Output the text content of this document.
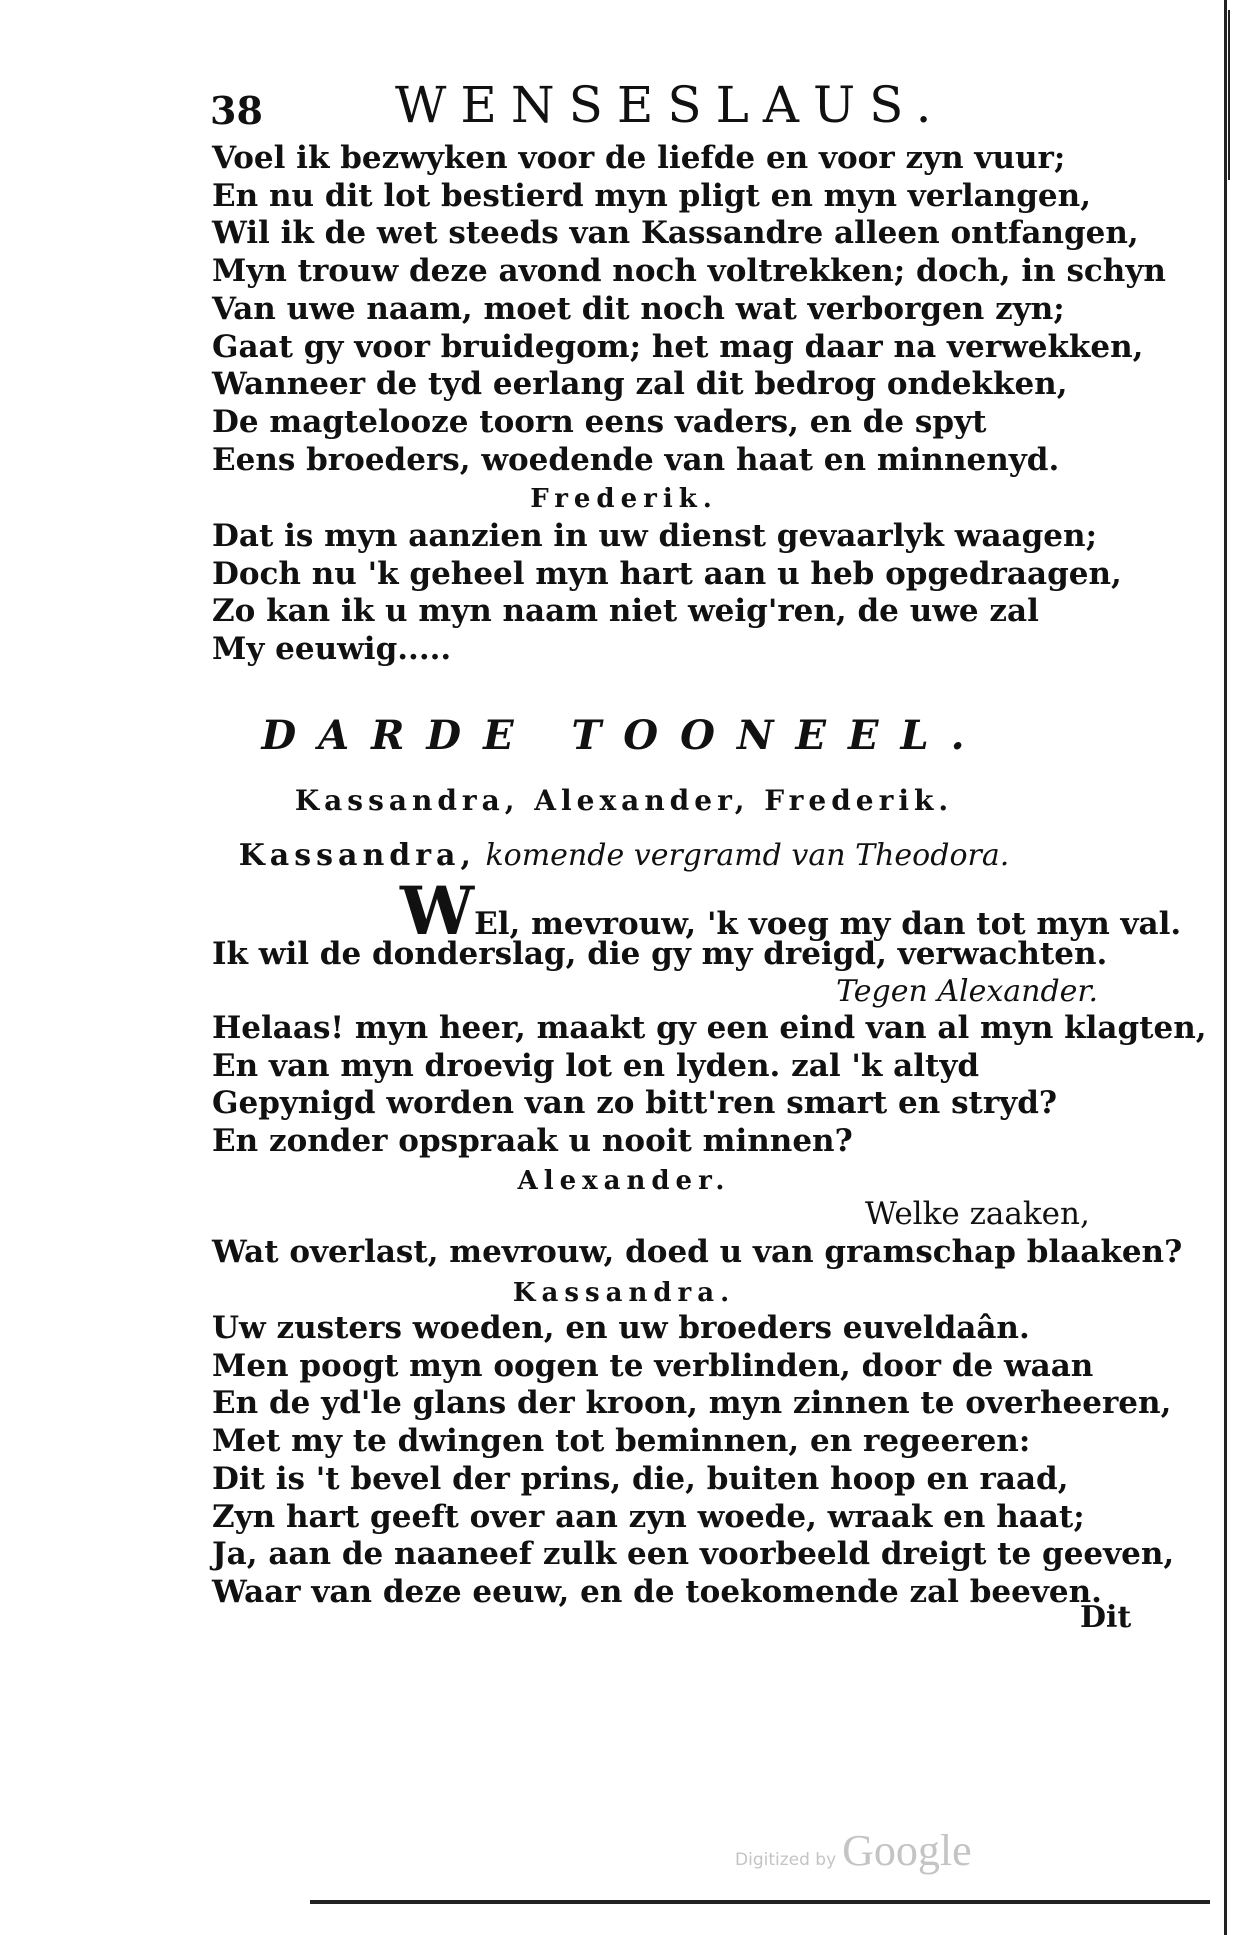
38	WENSESLAUS.
Voel ik bezwyken voor de liefde en voor zyn vuur;
En nu dit lot bestierd myn pligt en myn verlangen,
Wil ik de wet steeds van Kassandre alleen ontfangen,
Myn trouw deze avond noch voltrekken; doch, in schyn
Van uwe naam, moet dit noch wat verborgen zyn;
Gaat gy voor bruidegom; het mag daar na verwekken,
Wanneer de tyd eerlang zal dit bedrog ondekken,
De magtelooze toorn eens vaders, en de spyt
Eens broeders, woedende van haat en minnenyd.
Frederik.
Dat is myn aanzien in uw dienst gevaarlyk waagen;
Doch nu 'k geheel myn hart aan u heb opgedraagen,
Zo kan ik u myn naam niet weig'ren, de uwe zal
My eeuwig.....
DARDE TOONEEL.
Kassandra, Alexander, Frederik.
Kassandra, komende vergramd van Theodora.
WEl, mevrouw, 'k voeg my dan tot myn val.
Ik wil de donderslag, die gy my dreigd, verwachten.
Tegen Alexander.
Helaas! myn heer, maakt gy een eind van al myn klagten,
En van myn droevig lot en lyden. zal 'k altyd
Gepynigd worden van zo bitt'ren smart en stryd?
En zonder opspraak u nooit minnen?
Alexander.
Welke zaaken,
Wat overlast, mevrouw, doed u van gramschap blaaken?
Kassandra.
Uw zusters woeden, en uw broeders euveldaân.
Men poogt myn oogen te verblinden, door de waan
En de yd'le glans der kroon, myn zinnen te overheeren,
Met my te dwingen tot beminnen, en regeeren:
Dit is 't bevel der prins, die, buiten hoop en raad,
Zyn hart geeft over aan zyn woede, wraak en haat;
Ja, aan de naaneef zulk een voorbeeld dreigt te geeven,
Waar van deze eeuw, en de toekomende zal beeven.
Dit
Digitized by Google
